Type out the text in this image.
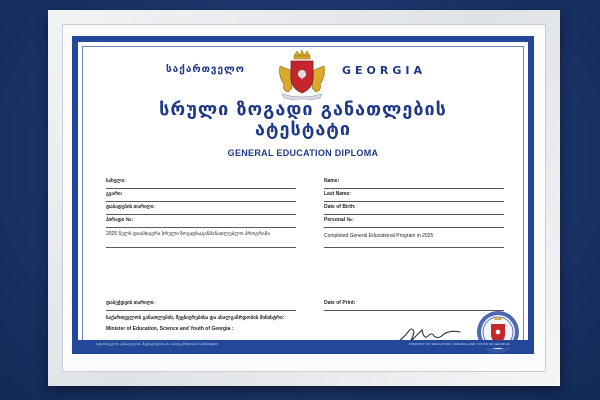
საქართველო	GEORGIA
სრული ზოგადი განათლების
ატესტატი
GENERAL EDUCATION DIPLOMA
სახელი:
გვარი:
დაბადების თარიღი:
პირადი №:
2025 წელს დაამთავრა სრული ზოგადსაგანმანათლებლო პროგრამა
Name:
Last Name:
Date of Birth:
Personal №:
Completed General Educational Program in 2025
დაბეჭდვის თარიღი:
საქართველოს განათლების, მეცნიერებისა და ახალგაზრდობის მინისტრი:
Minister of Education, Science and Youth of Georgia :
Date of Print:
საქართველოს განათლების, მეცნიერებისა და ახალგაზრდობის სამინისტრო	MINISTRY OF EDUCATION, SCIENCE AND YOUTH OF GEORGIA
